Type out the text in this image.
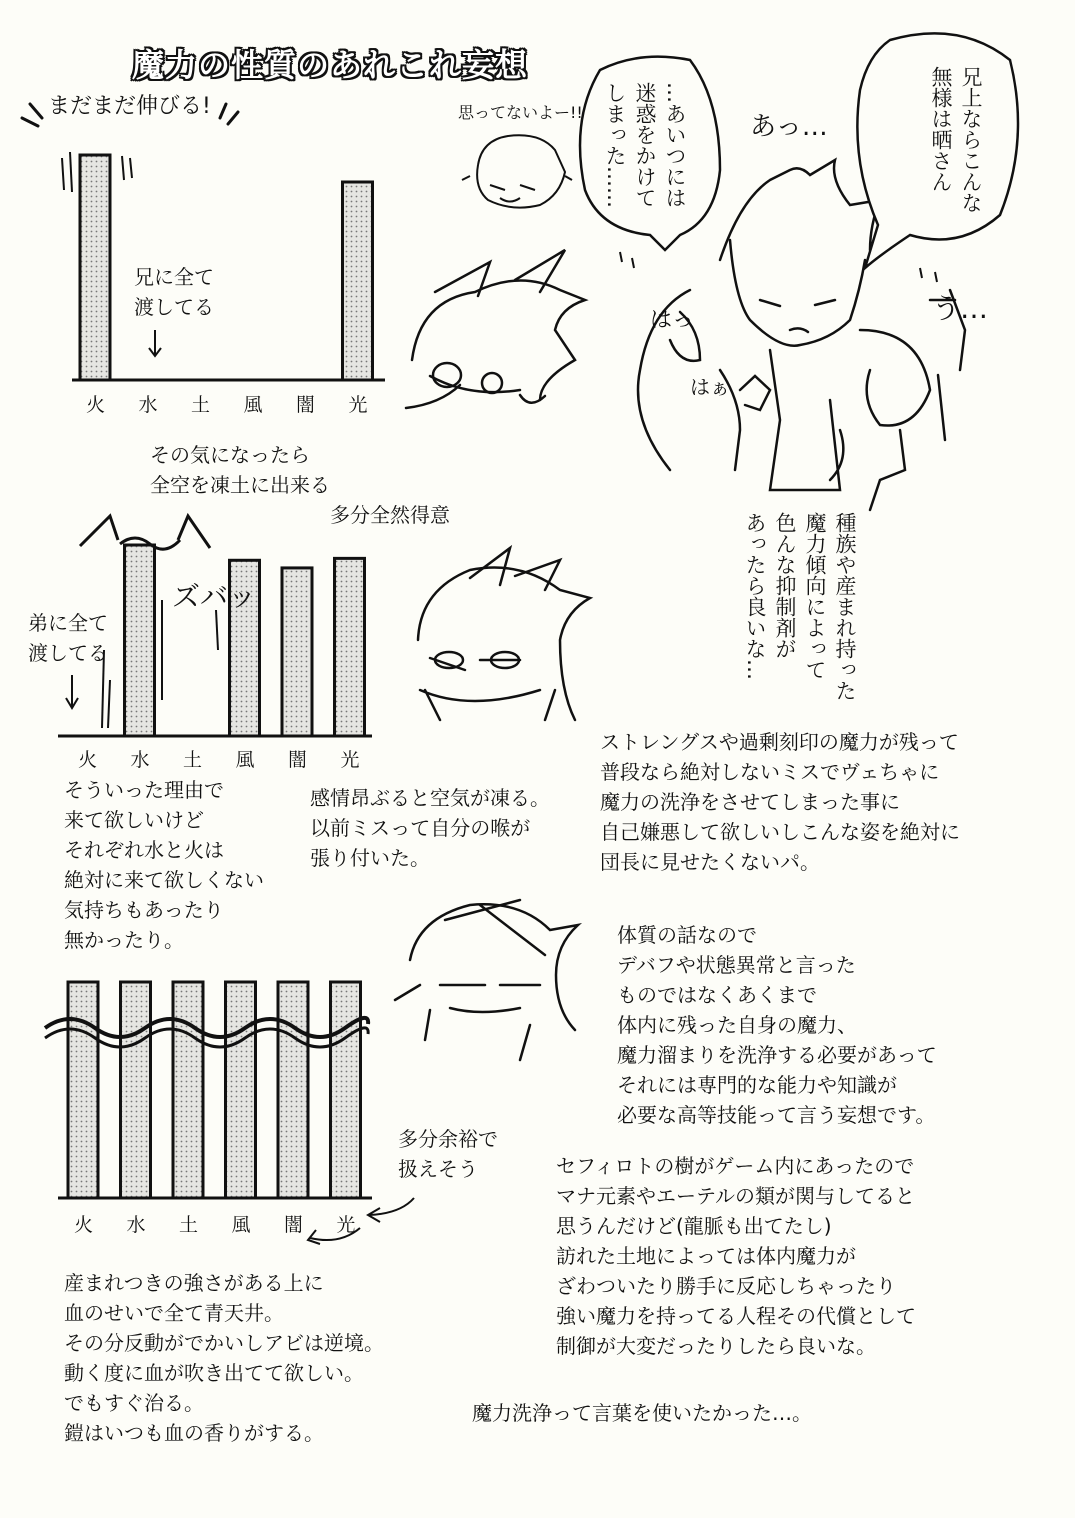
魔力の性質のあれこれ妄想
まだまだ伸びる!
兄に全て
渡してる
火 水 土 風 闇 光
その気になったら
全空を凍土に出来る
多分全然得意
弟に全て
渡してる
ズバッ
火 水 土 風 闇 光
そういった理由で
来て欲しいけど
それぞれ水と火は
絶対に来て欲しくない
気持ちもあったり
無かったり。
感情昂ぶると空気が凍る。
以前ミスって自分の喉が
張り付いた。
火 水 土 風 闇 光
多分余裕で
扱えそう
産まれつきの強さがある上に
血のせいで全て青天井。
その分反動がでかいしアビは逆境。
動く度に血が吹き出てて欲しい。
でもすぐ治る。
鎧はいつも血の香りがする。
兄上ならこんな
無様は晒さん
…あいつには
迷惑をかけて
しまった……
思ってないよー!!	あっ…
はっ
はぁ
う…
種族や産まれ持った
魔力傾向によって
色んな抑制剤が
あったら良いな…
ストレングスや過剰刻印の魔力が残って
普段なら絶対しないミスでヴェちゃに
魔力の洗浄をさせてしまった事に
自己嫌悪して欲しいしこんな姿を絶対に
団長に見せたくないパ。
体質の話なので
デバフや状態異常と言った
ものではなくあくまで
体内に残った自身の魔力、
魔力溜まりを洗浄する必要があって
それには専門的な能力や知識が
必要な高等技能って言う妄想です。
セフィロトの樹がゲーム内にあったので
マナ元素やエーテルの類が関与してると
思うんだけど(龍脈も出てたし)
訪れた土地によっては体内魔力が
ざわついたり勝手に反応しちゃったり
強い魔力を持ってる人程その代償として
制御が大変だったりしたら良いな。
魔力洗浄って言葉を使いたかった…。
